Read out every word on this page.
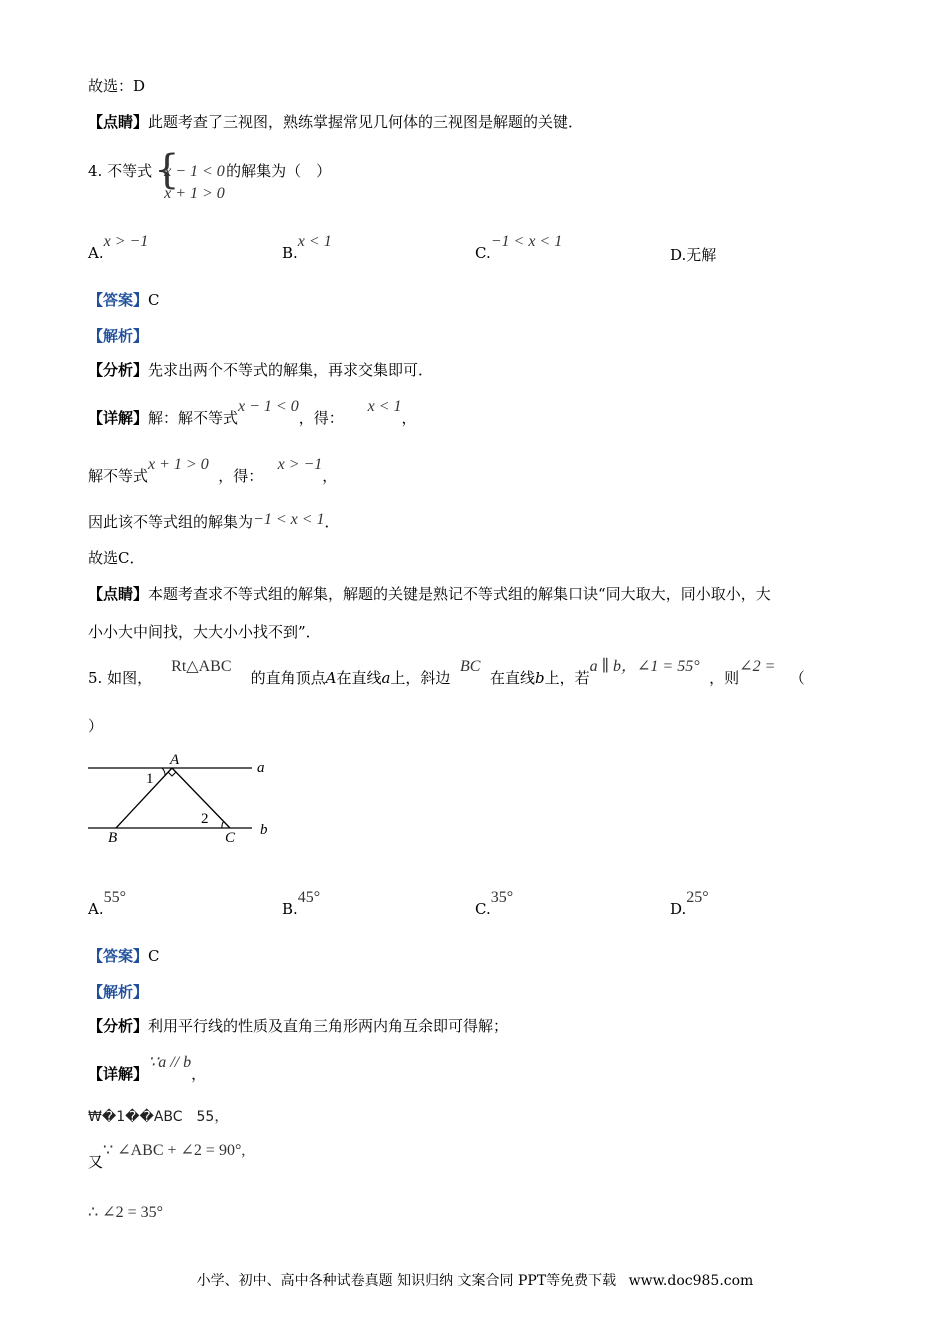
故选：D
【点睛】此题考查了三视图，熟练掌握常见几何体的三视图是解题的关键．
4. 不等式 {
x − 1 < 0
x + 1 > 0
的解集为（　）
A.x > −1
B.x < 1
C.−1 < x < 1
D.无解
【答案】C
【解析】
【分析】先求出两个不等式的解集，再求交集即可．
【详解】解：解不等式x − 1 < 0，得：     x < 1，
解不等式x + 1 > 0  ，得：   x > −1，
因此该不等式组的解集为−1 < x < 1．
故选C．
【点睛】本题考查求不等式组的解集，解题的关键是熟记不等式组的解集口诀“同大取大，同小取小，大
小小大中间找，大大小小找不到”．
5. 如图，    Rt△ABC    的直角顶点A在直线a上，斜边  BC  在直线b上，若a ∥ b，∠1 = 55°  ，则∠2 =   （
）
A	a
1
2
B	C b
A.55°
B.45°
C.35°
D.25°
【答案】C
【解析】
【分析】利用平行线的性质及直角三角形两内角互余即可得解；
【详解】∵a // b，
₩�1��ABC　55，
又∵ ∠ABC + ∠2 = 90°,
∴ ∠2 = 35°
小学、初中、高中各种试卷真题 知识归纳 文案合同 PPT等免费下载 www.doc985.com
